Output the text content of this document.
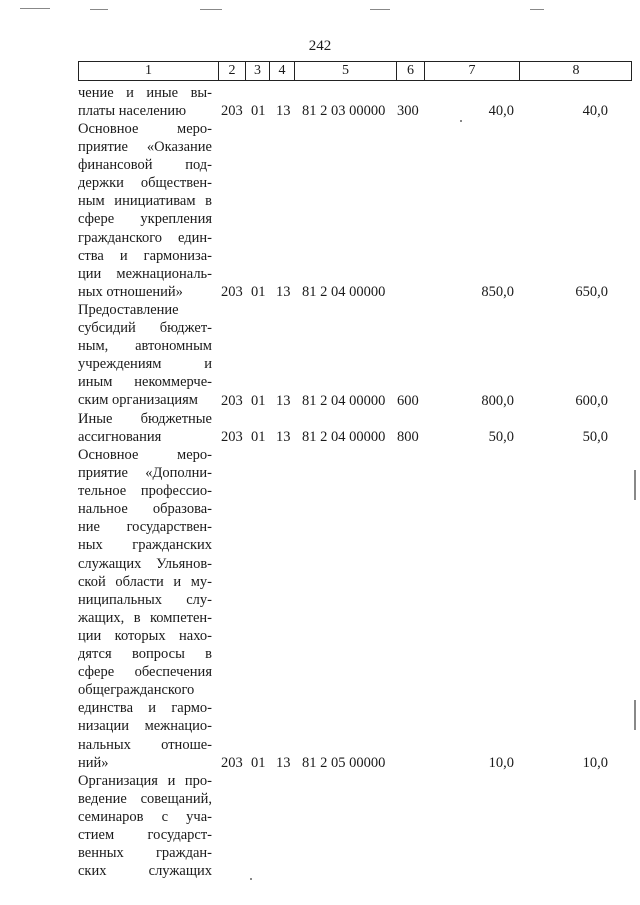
242
1	2	3	4	5	6	7	8
чение и иные вы-
платы населению	203 01 13 81 2 03 00000 300	40,0	40,0
Основное меро-
приятие «Оказание
финансовой под-
держки обществен-
ным инициативам в
сфере укрепления
гражданского един-
ства и гармониза-
ции межнациональ-
ных отношений»	203 01 13 81 2 04 00000	850,0	650,0
Предоставление
субсидий бюджет-
ным, автономным
учреждениям и
иным некоммерче-
ским организациям	203 01 13 81 2 04 00000 600	800,0	600,0
Иные бюджетные
ассигнования	203 01 13 81 2 04 00000 800	50,0	50,0
Основное меро-
приятие «Дополни-
тельное профессио-
нальное образова-
ние государствен-
ных гражданских
служащих Ульянов-
ской области и му-
ниципальных слу-
жащих, в компетен-
ции которых нахо-
дятся вопросы в
сфере обеспечения
общегражданского
единства и гармо-
низации межнацио-
нальных отноше-
ний»	203 01 13 81 2 05 00000	10,0	10,0
Организация и про-
ведение совещаний,
семинаров с уча-
стием государст-
венных граждан-
ских служащих
